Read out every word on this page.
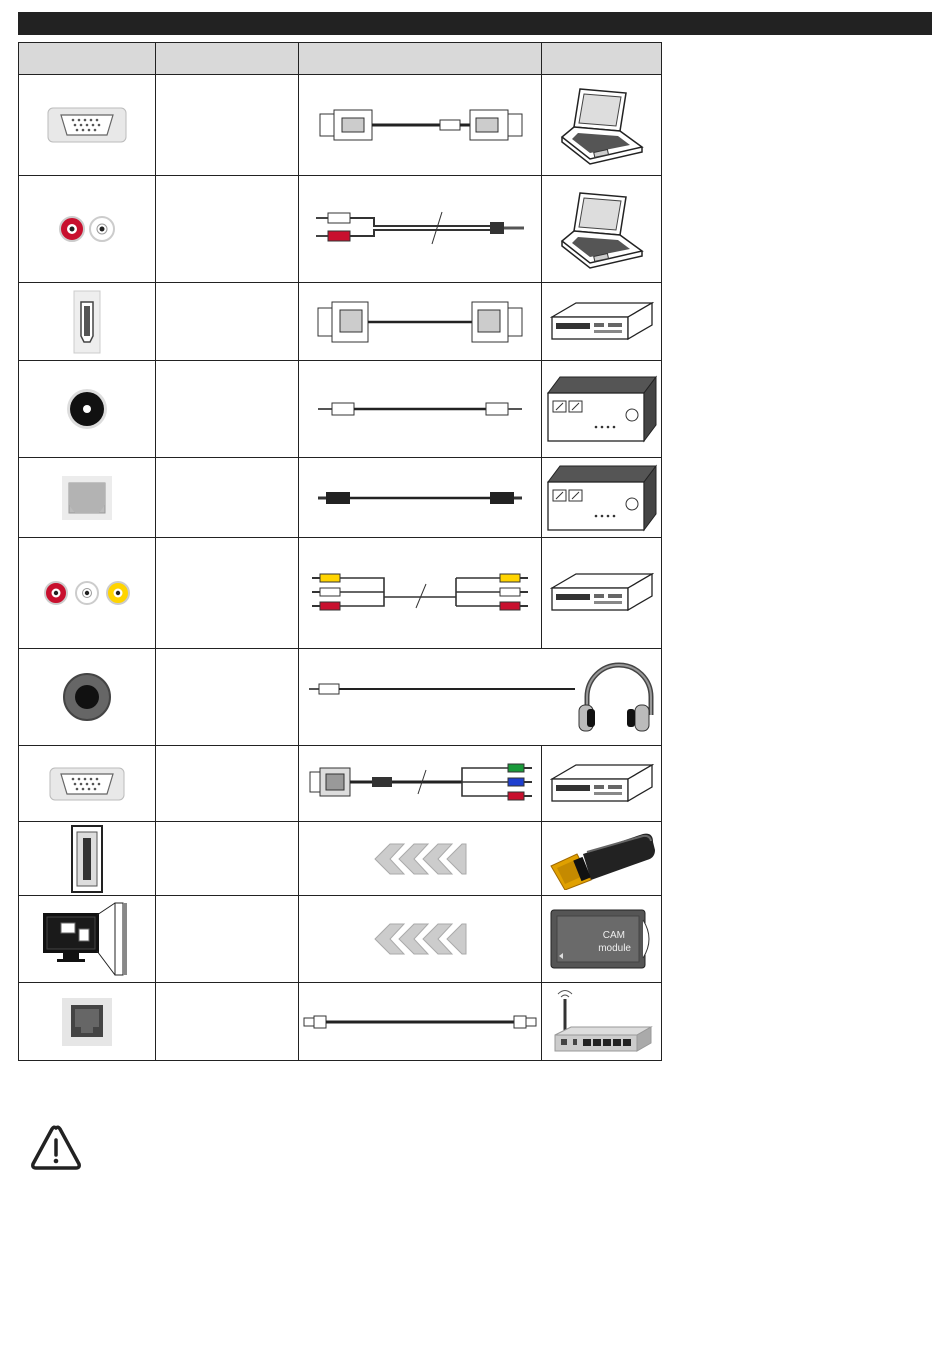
CAM
module
